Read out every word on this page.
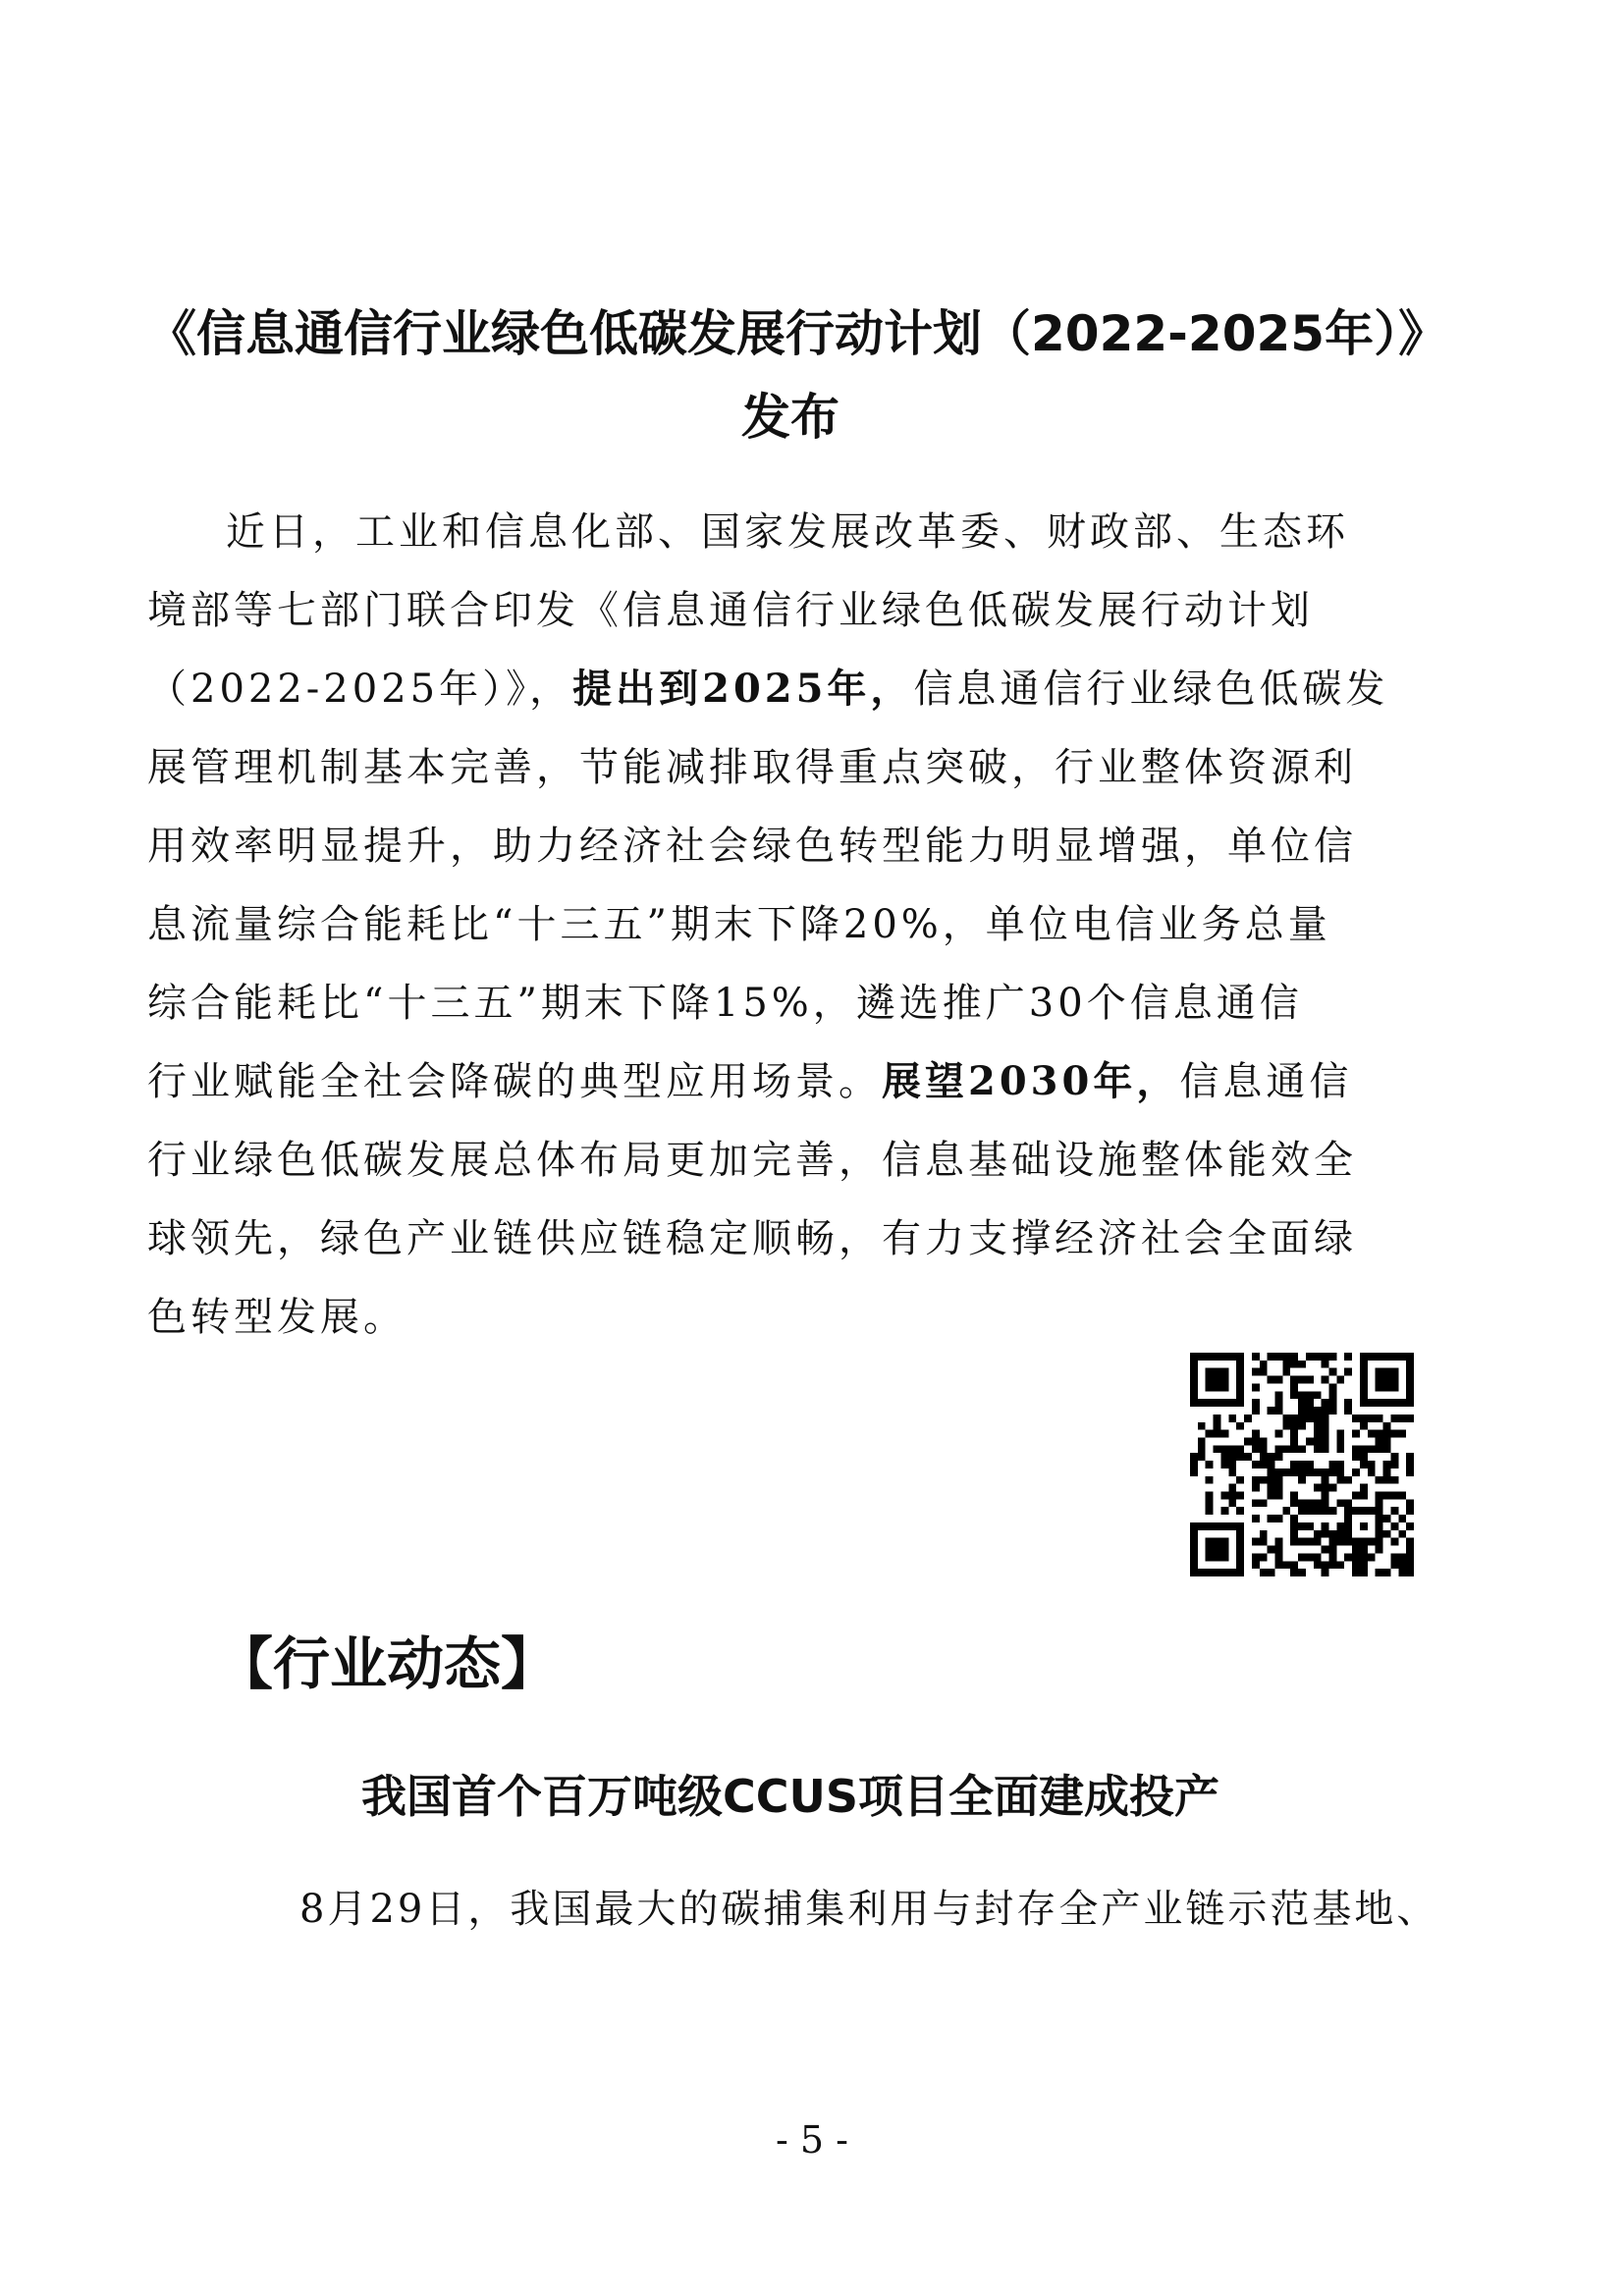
《信息通信行业绿色低碳发展行动计划（2022-2025年）》
发布
近日，工业和信息化部、国家发展改革委、财政部、生态环
境部等七部门联合印发《信息通信行业绿色低碳发展行动计划
（2022-2025年）》，提出到2025年，信息通信行业绿色低碳发
展管理机制基本完善，节能减排取得重点突破，行业整体资源利
用效率明显提升，助力经济社会绿色转型能力明显增强，单位信
息流量综合能耗比“十三五”期末下降20%，单位电信业务总量
综合能耗比“十三五”期末下降15%，遴选推广30个信息通信
行业赋能全社会降碳的典型应用场景。展望2030年，信息通信
行业绿色低碳发展总体布局更加完善，信息基础设施整体能效全
球领先，绿色产业链供应链稳定顺畅，有力支撑经济社会全面绿
色转型发展。
【行业动态】
我国首个百万吨级CCUS项目全面建成投产

8月29日，我国最大的碳捕集利用与封存全产业链示范基地、

- 5 -
